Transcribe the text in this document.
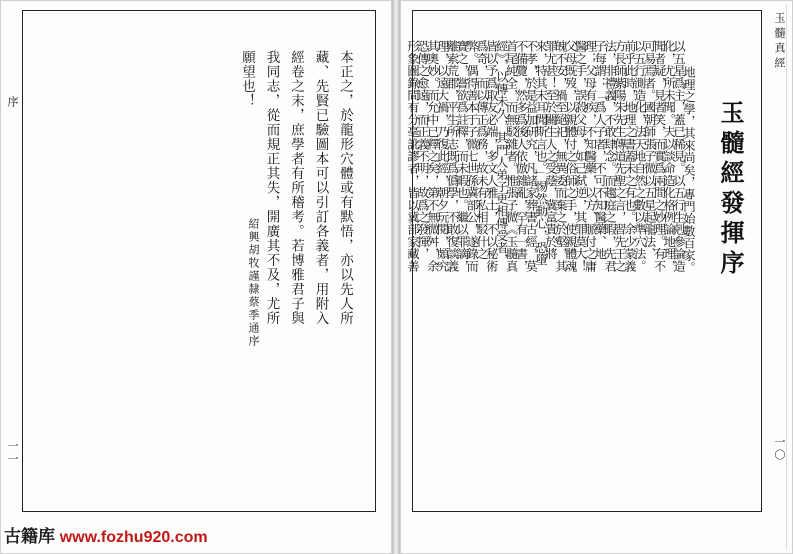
序
一一
本正之，於龍形穴體或有默悟，亦以先人所
藏、先賢已驗圖本可以引訂各義者，用附入
經卷之末，庶學者有所稽考。若博雅君子與
我同志，從而規正其失，開廣其不及，尤所
願望也！
紹興胡牧謹隸蔡季通序
玉髓真經
一〇
玉髓經發揮序
地理之學，其來尚矣，專門始數百家。
以五星爲主，蓋已稀見。以五行生剋參論造
化，尤所未聞。夫以談命造化格例論地理，
聞者疑，見者笑，而實爲兩間之妙理。有不
可易焉者。國朝師張子微以五星起龍法、
以五行測造化，法天地自然之數以準穴法。
前乎此時，地理之書蓋未之有也。余少蒙義
方長師紫陽朱先生傳道先聖之言，習先王之
法，非禮義，不敢肆念。而趨庭之暇，先君
子每謂：「爲人子者，不可不知醫藥、地
理；父母有疾，不知醫藥，以方、脈付之庸
醫之手，誤殺父母，如己弑逆，其罪莫大！
父母既歿，以親體付之俗師之手，使親體魂
魄不安，禍至絕祀，無異委而棄之於壑，其
罪尤甚！至於關生人之受蔭，冀富貴於將
來，特其末耳聞斯言也。」惕然動心，恐墮
不孝，於是益加研究，凡諸家葬書古經，莫
不備覽，然多爲後人依倣雜亂，罕有一書，
首尾純全，而無駁雜者。惟張子微《玉髓真
經》，以傳未久，其門人弟子更相傳受者，
皆以予爲取友必端，多文人雅士，不以秘術
爲奇，而以傳正爲務，故未有私相駁什之
弊。偶得善本于子微七世孫冀部公，遂錄而
寶之，嘗欲爲註釋，而未暇也。繼以罪謫，
離索荒郡，平生所志既爲僞學，不敢復談義
理，以遠大禍，乃復此經，朝夕玩閱，頗究
其奧妙。而允中已釋之矣，第不無微舛，余
恐傳之愈遠，而正義不明，故爲之發揮，
形象圖錄間有分毫訛謬者，皆以冀部家藏善
古籍库 www.fozhu920.com
